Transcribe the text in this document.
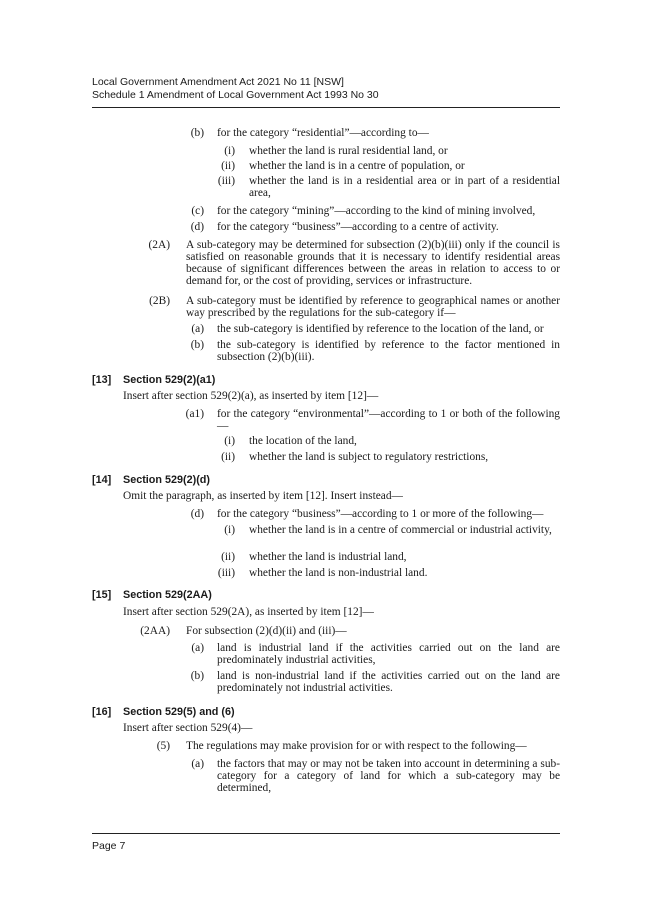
Local Government Amendment Act 2021 No 11 [NSW]
Schedule 1 Amendment of Local Government Act 1993 No 30
(b) for the category “residential”—according to—
(i) whether the land is rural residential land, or
(ii) whether the land is in a centre of population, or
(iii) whether the land is in a residential area or in part of a residential area,
(c) for the category “mining”—according to the kind of mining involved,
(d) for the category “business”—according to a centre of activity.
(2A) A sub-category may be determined for subsection (2)(b)(iii) only if the council is satisfied on reasonable grounds that it is necessary to identify residential areas because of significant differences between the areas in relation to access to or demand for, or the cost of providing, services or infrastructure.
(2B) A sub-category must be identified by reference to geographical names or another way prescribed by the regulations for the sub-category if—
(a) the sub-category is identified by reference to the location of the land, or
(b) the sub-category is identified by reference to the factor mentioned in subsection (2)(b)(iii).
[13] Section 529(2)(a1)
Insert after section 529(2)(a), as inserted by item [12]—
(a1) for the category “environmental”—according to 1 or both of the following—
(i) the location of the land,
(ii) whether the land is subject to regulatory restrictions,
[14] Section 529(2)(d)
Omit the paragraph, as inserted by item [12]. Insert instead—
(d) for the category “business”—according to 1 or more of the following—
(i) whether the land is in a centre of commercial or industrial activity,
(ii) whether the land is industrial land,
(iii) whether the land is non-industrial land.
[15] Section 529(2AA)
Insert after section 529(2A), as inserted by item [12]—
(2AA) For subsection (2)(d)(ii) and (iii)—
(a) land is industrial land if the activities carried out on the land are predominately industrial activities,
(b) land is non-industrial land if the activities carried out on the land are predominately not industrial activities.
[16] Section 529(5) and (6)
Insert after section 529(4)—
(5) The regulations may make provision for or with respect to the following—
(a) the factors that may or may not be taken into account in determining a sub-category for a category of land for which a sub-category may be determined,
Page 7
